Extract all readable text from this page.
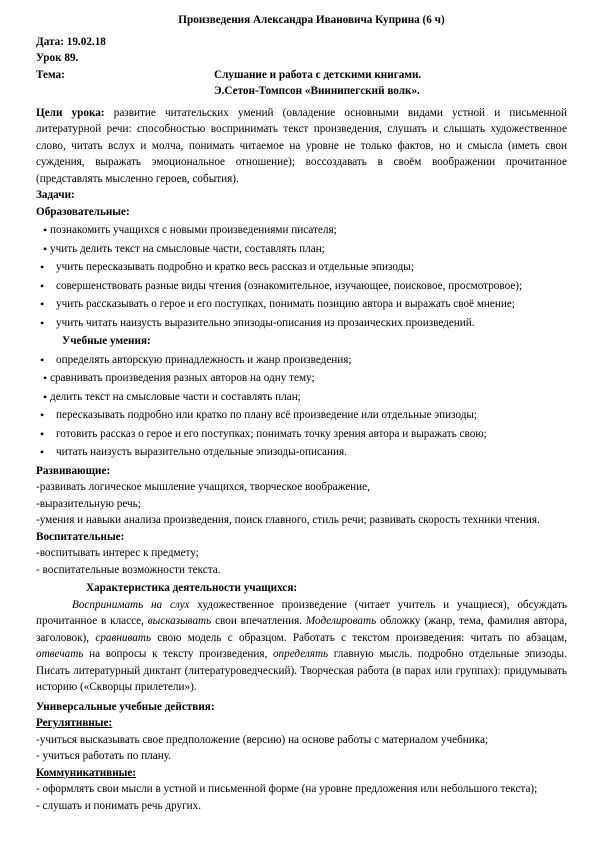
Произведения Александра Ивановича Куприна (6 ч)
Дата: 19.02.18
Урок 89.
Тема:	Слушание и работа с детскими книгами.
Э.Сетон-Томпсон «Виннипегский волк».
Цели урока: развитие читательских умений (овладение основными видами устной и письменной литературной речи: способностью воспринимать текст произведения, слушать и слышать художественное слово, читать вслух и молча, понимать читаемое на уровне не только фактов, но и смысла (иметь свои суждения, выражать эмоциональное отношение); воссоздавать в своём воображении прочитанное (представлять мысленно героев, события).
Задачи:
Образовательные:
• познакомить учащихся с новыми произведениями писателя;
• учить делить текст на смысловые части, составлять план;
• учить пересказывать подробно и кратко весь рассказ и отдельные эпизоды;
• совершенствовать разные виды чтения (ознакомительное, изучающее, поисковое, просмотровое);
• учить рассказывать о герое и его поступках, понимать позицию автора и выражать своё мнение;
• учить читать наизусть выразительно эпизоды-описания из прозаических произведений.
Учебные умения:
• определять авторскую принадлежность и жанр произведения;
• сравнивать произведения разных авторов на одну тему;
• делить текст на смысловые части и составлять план;
• пересказывать подробно или кратко по плану всё произведение или отдельные эпизоды;
• готовить рассказ о герое и его поступках; понимать точку зрения автора и выражать свою;
• читать наизусть выразительно отдельные эпизоды-описания.
Развивающие:
-развивать логическое мышление учащихся, творческое воображение,
-выразительную речь;
-умения и навыки анализа произведения, поиск главного, стиль речи; развивать скорость техники чтения.
Воспитательные:
-воспитывать интерес к предмету;
- воспитательные возможности текста.
Характеристика деятельности учащихся:
Воспринимать на слух художественное произведение (читает учитель и учащиеся), обсуждать прочитанное в классе, высказывать свои впечатления. Моделировать обложку (жанр, тема, фамилия автора, заголовок), сравнивать свою модель с образцом. Работать с текстом произведения: читать по абзацам, отвечать на вопросы к тексту произведения, определять главную мысль. подробно отдельные эпизоды. Писать литературный диктант (литературоведческий). Творческая работа (в парах или группах): придумывать историю («Скворцы прилетели»).
Универсальные учебные действия:
Регулятивные:
-учиться высказывать свое предположение (версию) на основе работы с материалом учебника;
- учиться работать по плану.
Коммуникативные:
- оформлять свои мысли в устной и письменной форме (на уровне предложения или небольшого текста);
- слушать и понимать речь других.
